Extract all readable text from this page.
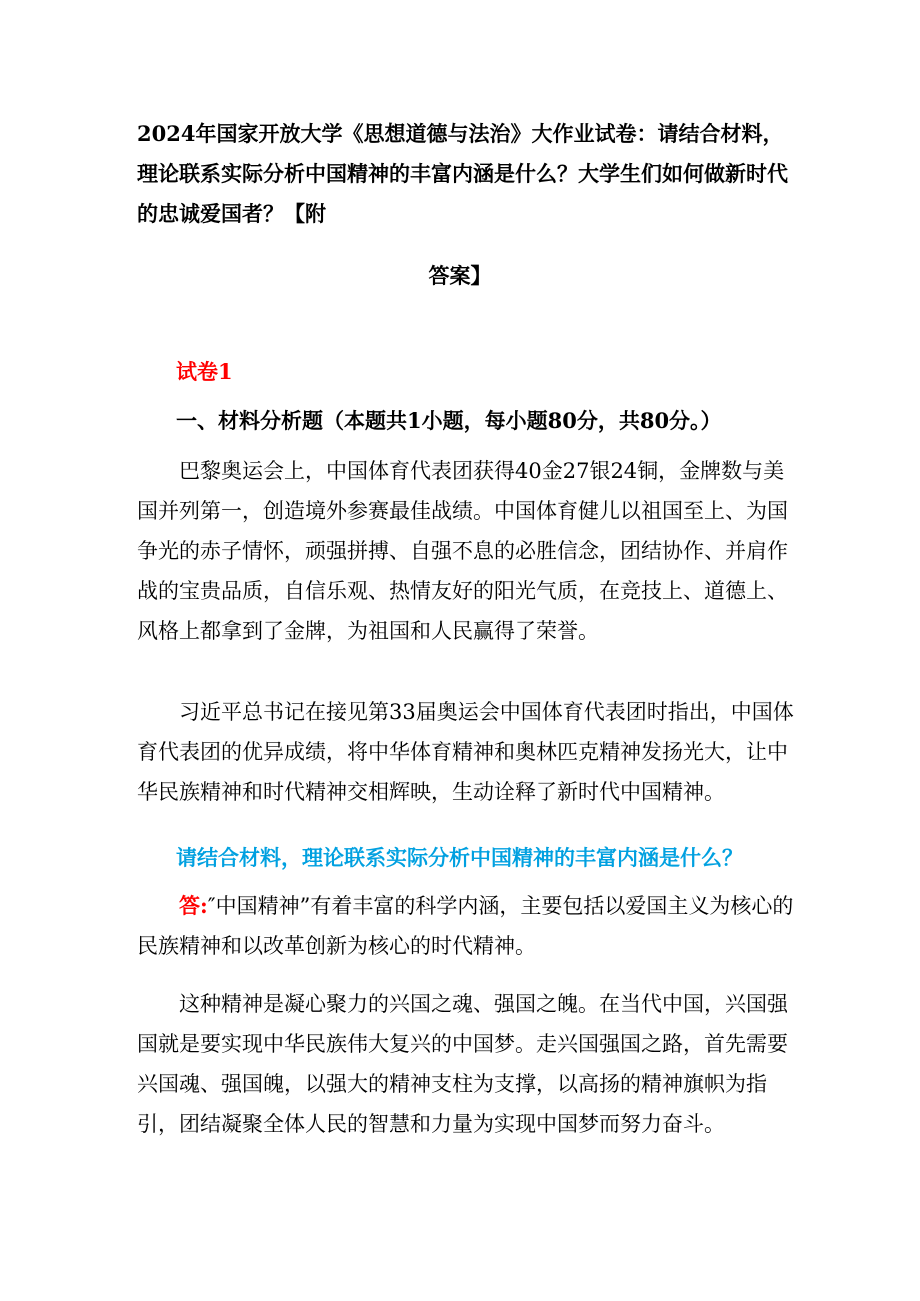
2024年国家开放大学《思想道德与法治》大作业试卷：请结合材料，理论联系实际分析中国精神的丰富内涵是什么？大学生们如何做新时代的忠诚爱国者？【附

答案】

试卷1

一、材料分析题（本题共1小题，每小题80分，共80分。）

巴黎奥运会上，中国体育代表团获得40金27银24铜，金牌数与美国并列第一，创造境外参赛最佳战绩。中国体育健儿以祖国至上、为国争光的赤子情怀，顽强拼搏、自强不息的必胜信念，团结协作、并肩作战的宝贵品质，自信乐观、热情友好的阳光气质，在竞技上、道德上、风格上都拿到了金牌，为祖国和人民赢得了荣誉。

习近平总书记在接见第33届奥运会中国体育代表团时指出，中国体育代表团的优异成绩，将中华体育精神和奥林匹克精神发扬光大，让中华民族精神和时代精神交相辉映，生动诠释了新时代中国精神。

请结合材料，理论联系实际分析中国精神的丰富内涵是什么？

答:″中国精神”有着丰富的科学内涵，主要包括以爱国主义为核心的民族精神和以改革创新为核心的时代精神。

这种精神是凝心聚力的兴国之魂、强国之魄。在当代中国，兴国强国就是要实现中华民族伟大复兴的中国梦。走兴国强国之路，首先需要兴国魂、强国魄，以强大的精神支柱为支撑，以高扬的精神旗帜为指引，团结凝聚全体人民的智慧和力量为实现中国梦而努力奋斗。
